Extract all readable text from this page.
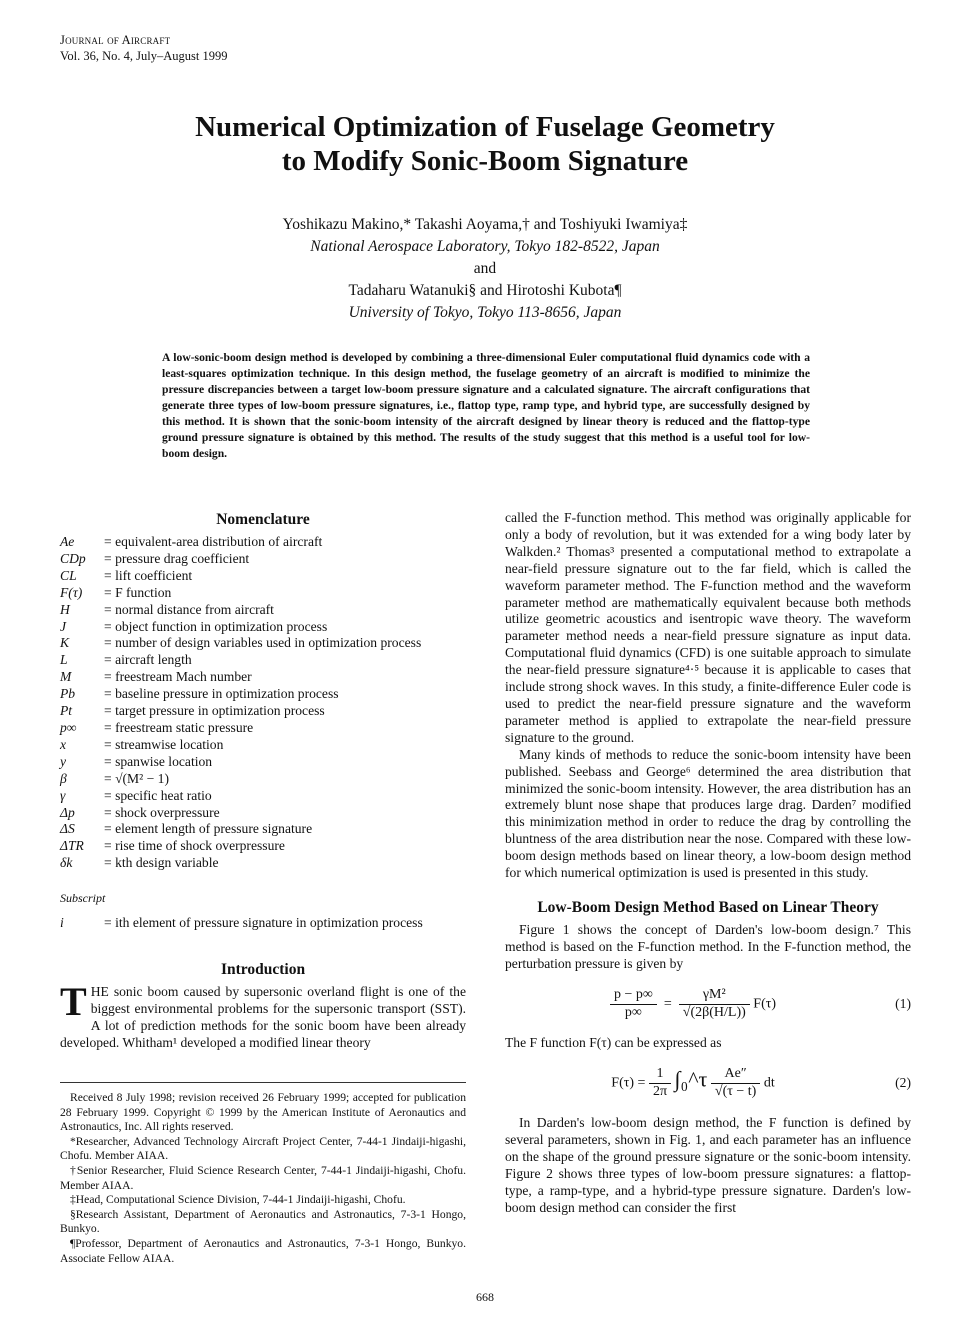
Journal of Aircraft
Vol. 36, No. 4, July–August 1999
Numerical Optimization of Fuselage Geometry
to Modify Sonic-Boom Signature
Yoshikazu Makino,* Takashi Aoyama,† and Toshiyuki Iwamiya‡
National Aerospace Laboratory, Tokyo 182-8522, Japan
and
Tadaharu Watanuki§ and Hirotoshi Kubota¶
University of Tokyo, Tokyo 113-8656, Japan
A low-sonic-boom design method is developed by combining a three-dimensional Euler computational fluid dynamics code with a least-squares optimization technique. In this design method, the fuselage geometry of an aircraft is modified to minimize the pressure discrepancies between a target low-boom pressure signature and a calculated signature. The aircraft configurations that generate three types of low-boom pressure signatures, i.e., flattop type, ramp type, and hybrid type, are successfully designed by this method. It is shown that the sonic-boom intensity of the aircraft designed by linear theory is reduced and the flattop-type ground pressure signature is obtained by this method. The results of the study suggest that this method is a useful tool for low-boom design.
Nomenclature
Ae	= equivalent-area distribution of aircraft
CDp	= pressure drag coefficient
CL	= lift coefficient
F(τ)	= F function
H	= normal distance from aircraft
J	= object function in optimization process
K	= number of design variables used in optimization process
L	= aircraft length
M	= freestream Mach number
Pb	= baseline pressure in optimization process
Pt	= target pressure in optimization process
p∞	= freestream static pressure
x	= streamwise location
y	= spanwise location
β	= √(M² − 1)
γ	= specific heat ratio
Δp	= shock overpressure
ΔS	= element length of pressure signature
ΔTR	= rise time of shock overpressure
δk	= kth design variable
Subscript
i	= ith element of pressure signature in optimization process
Introduction

THE sonic boom caused by supersonic overland flight is one of the biggest environmental problems for the supersonic transport (SST). A lot of prediction methods for the sonic boom have been already developed. Whitham¹ developed a modified linear theory

Received 8 July 1998; revision received 26 February 1999; accepted for publication 28 February 1999. Copyright © 1999 by the American Institute of Aeronautics and Astronautics, Inc. All rights reserved.
*Researcher, Advanced Technology Aircraft Project Center, 7-44-1 Jindaiji-higashi, Chofu. Member AIAA.
†Senior Researcher, Fluid Science Research Center, 7-44-1 Jindaiji-higashi, Chofu. Member AIAA.
‡Head, Computational Science Division, 7-44-1 Jindaiji-higashi, Chofu.
§Research Assistant, Department of Aeronautics and Astronautics, 7-3-1 Hongo, Bunkyo.
¶Professor, Department of Aeronautics and Astronautics, 7-3-1 Hongo, Bunkyo. Associate Fellow AIAA.

called the F-function method. This method was originally applicable for only a body of revolution, but it was extended for a wing body later by Walkden.² Thomas³ presented a computational method to extrapolate a near-field pressure signature out to the far field, which is called the waveform parameter method. The F-function method and the waveform parameter method are mathematically equivalent because both methods utilize geometric acoustics and isentropic wave theory. The waveform parameter method needs a near-field pressure signature as input data. Computational fluid dynamics (CFD) is one suitable approach to simulate the near-field pressure signature⁴·⁵ because it is applicable to cases that include strong shock waves. In this study, a finite-difference Euler code is used to predict the near-field pressure signature and the waveform parameter method is applied to extrapolate the near-field pressure signature to the ground.

Many kinds of methods to reduce the sonic-boom intensity have been published. Seebass and George⁶ determined the area distribution that minimized the sonic-boom intensity. However, the area distribution has an extremely blunt nose shape that produces large drag. Darden⁷ modified this minimization method in order to reduce the drag by controlling the bluntness of the area distribution near the nose. Compared with these low-boom design methods based on linear theory, a low-boom design method for which numerical optimization is used is presented in this study.

Low-Boom Design Method Based on Linear Theory

Figure 1 shows the concept of Darden's low-boom design.⁷ This method is based on the F-function method. In the F-function method, the perturbation pressure is given by

$\frac{p - p\infty}{p\infty} = \frac{\text{γM²}}{√(2\beta(H/L))} F(\tau)$	(1)

The F function F(τ) can be expressed as

$F(\tau) = \frac{1}{2\pi}$ ∫₀^τ $\frac{Ae''}{√(\tau - t)}$ dt	(2)

In Darden's low-boom design method, the F function is defined by several parameters, shown in Fig. 1, and each parameter has an influence on the shape of the ground pressure signature or the sonic-boom intensity. Figure 2 shows three types of low-boom pressure signatures: a flattop-type, a ramp-type, and a hybrid-type pressure signature. Darden's low-boom design method can consider the first

668
